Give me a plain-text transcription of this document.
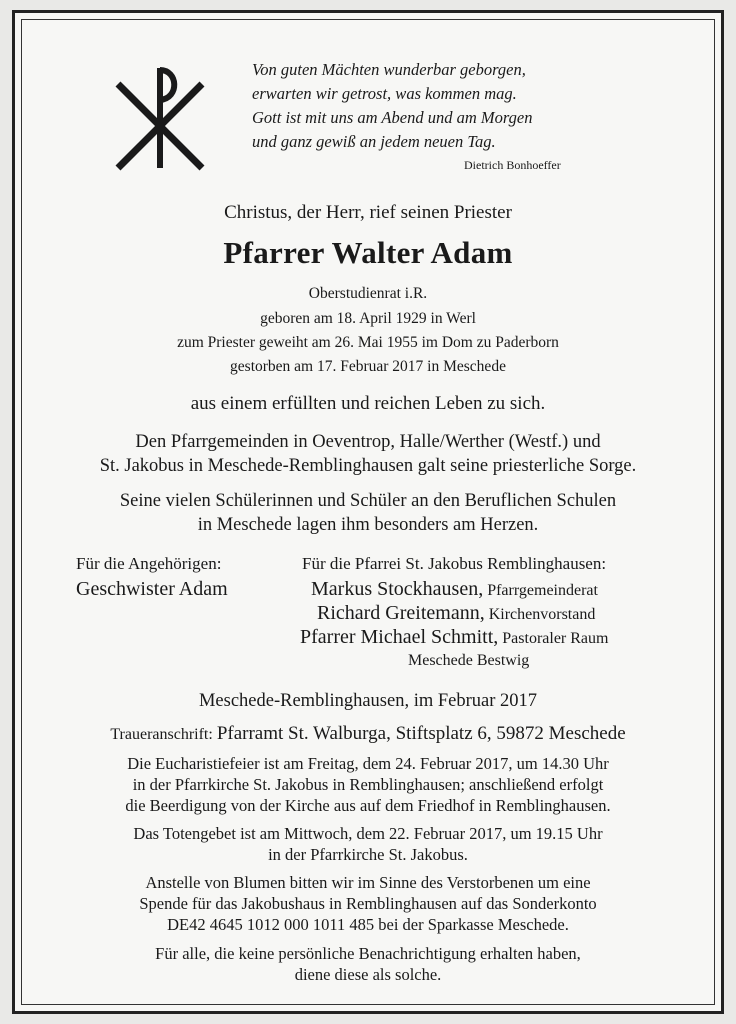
Von guten Mächten wunderbar geborgen,
erwarten wir getrost, was kommen mag.
Gott ist mit uns am Abend und am Morgen
und ganz gewiß an jedem neuen Tag.
Dietrich Bonhoeffer
Christus, der Herr, rief seinen Priester
Pfarrer Walter Adam
Oberstudienrat i.R.
geboren am 18. April 1929 in Werl
zum Priester geweiht am 26. Mai 1955 im Dom zu Paderborn
gestorben am 17. Februar 2017 in Meschede
aus einem erfüllten und reichen Leben zu sich.
Den Pfarrgemeinden in Oeventrop, Halle/Werther (Westf.) und
St. Jakobus in Meschede-Remblinghausen galt seine priesterliche Sorge.
Seine vielen Schülerinnen und Schüler an den Beruflichen Schulen
in Meschede lagen ihm besonders am Herzen.
Für die Angehörigen:
Geschwister Adam
Für die Pfarrei St. Jakobus Remblinghausen:
Markus Stockhausen, Pfarrgemeinderat
Richard Greitemann, Kirchenvorstand
Pfarrer Michael Schmitt, Pastoraler Raum
Meschede Bestwig
Meschede-Remblinghausen, im Februar 2017
Traueranschrift: Pfarramt St. Walburga, Stiftsplatz 6, 59872 Meschede
Die Eucharistiefeier ist am Freitag, dem 24. Februar 2017, um 14.30 Uhr
in der Pfarrkirche St. Jakobus in Remblinghausen; anschließend erfolgt
die Beerdigung von der Kirche aus auf dem Friedhof in Remblinghausen.
Das Totengebet ist am Mittwoch, dem 22. Februar 2017, um 19.15 Uhr
in der Pfarrkirche St. Jakobus.
Anstelle von Blumen bitten wir im Sinne des Verstorbenen um eine
Spende für das Jakobushaus in Remblinghausen auf das Sonderkonto
DE42 4645 1012 000 1011 485 bei der Sparkasse Meschede.
Für alle, die keine persönliche Benachrichtigung erhalten haben,
diene diese als solche.
